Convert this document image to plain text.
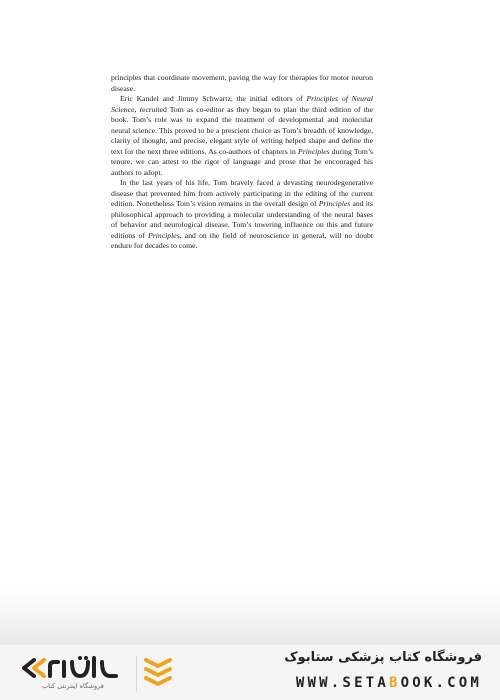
principles that coordinate movement, paving the way for therapies for motor neuron disease.

Eric Kandel and Jimmy Schwartz, the initial editors of Principles of Neural Science, recruited Tom as co-editor as they began to plan the third edition of the book. Tom’s role was to expand the treatment of developmental and molecular neural science. This proved to be a prescient choice as Tom’s breadth of knowledge, clarity of thought, and precise, elegant style of writing helped shape and define the text for the next three editions. As co-authors of chapters in Principles during Tom’s tenure, we can attest to the rigor of language and prose that he encouraged his authors to adopt.

In the last years of his life, Tom bravely faced a devasting neurodegenerative disease that prevented him from actively participating in the editing of the current edition. Nonetheless Tom’s vision remains in the overall design of Principles and its philosophical approach to providing a molecular understanding of the neural bases of behavior and neurological disease. Tom’s towering influence on this and future editions of Principles, and on the field of neuroscience in general, will no doubt endure for decades to come.

فروشگاه اینترنتی کتاب
فروشگاه کتاب پزشکی ستابوک
WWW.SETABOOK.COM
